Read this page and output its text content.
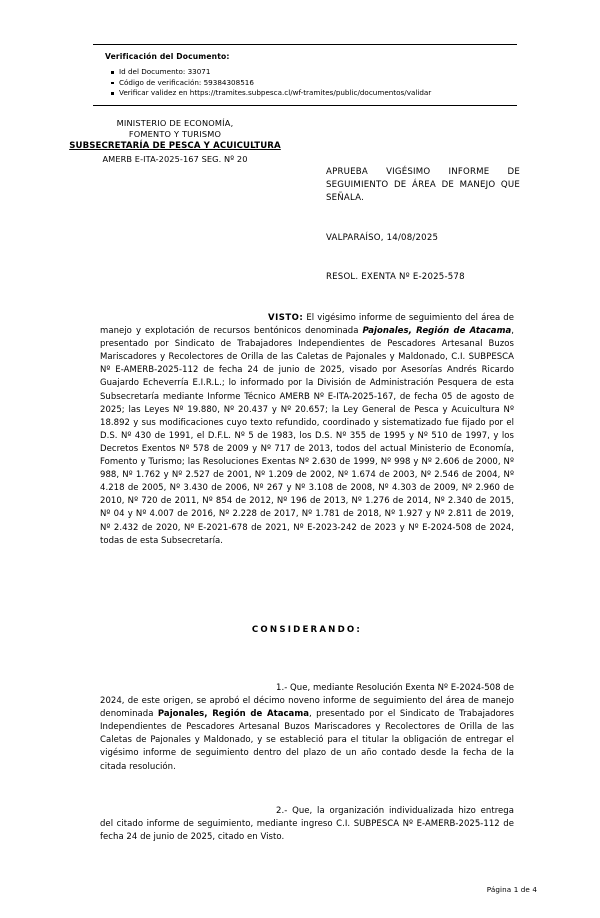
Verificación del Documento:
Id del Documento: 33071
Código de verificación: 59384308516
Verificar validez en https://tramites.subpesca.cl/wf-tramites/public/documentos/validar
MINISTERIO DE ECONOMÍA,
FOMENTO Y TURISMO
SUBSECRETARÍA DE PESCA Y ACUICULTURA
AMERB E-ITA-2025-167 SEG. Nº 20
APRUEBA VIGÉSIMO INFORME DE SEGUIMIENTO DE ÁREA DE MANEJO QUE SEÑALA.
VALPARAÍSO, 14/08/2025
RESOL. EXENTA Nº E-2025-578

VISTO: El vigésimo informe de seguimiento del área de manejo y explotación de recursos bentónicos denominada Pajonales, Región de Atacama, presentado por Sindicato de Trabajadores Independientes de Pescadores Artesanal Buzos Mariscadores y Recolectores de Orilla de las Caletas de Pajonales y Maldonado, C.I. SUBPESCA Nº E-AMERB-2025-112 de fecha 24 de junio de 2025, visado por Asesorías Andrés Ricardo Guajardo Echeverría E.I.R.L.; lo informado por la División de Administración Pesquera de esta Subsecretaría mediante Informe Técnico AMERB Nº E-ITA-2025-167, de fecha 05 de agosto de 2025; las Leyes Nº 19.880, Nº 20.437 y Nº 20.657; la Ley General de Pesca y Acuicultura Nº 18.892 y sus modificaciones cuyo texto refundido, coordinado y sistematizado fue fijado por el D.S. Nº 430 de 1991, el D.F.L. Nº 5 de 1983, los D.S. Nº 355 de 1995 y Nº 510 de 1997, y los Decretos Exentos Nº 578 de 2009 y Nº 717 de 2013, todos del actual Ministerio de Economía, Fomento y Turismo; las Resoluciones Exentas Nº 2.630 de 1999, Nº 998 y Nº 2.606 de 2000, Nº 988, Nº 1.762 y Nº 2.527 de 2001, Nº 1.209 de 2002, Nº 1.674 de 2003, Nº 2.546 de 2004, Nº 4.218 de 2005, Nº 3.430 de 2006, Nº 267 y Nº 3.108 de 2008, Nº 4.303 de 2009, Nº 2.960 de 2010, Nº 720 de 2011, Nº 854 de 2012, Nº 196 de 2013, Nº 1.276 de 2014, Nº 2.340 de 2015, Nº 04 y Nº 4.007 de 2016, Nº 2.228 de 2017, Nº 1.781 de 2018, Nº 1.927 y Nº 2.811 de 2019, Nº 2.432 de 2020, Nº E-2021-678 de 2021, Nº E-2023-242 de 2023 y Nº E-2024-508 de 2024, todas de esta Subsecretaría.

CONSIDERANDO:

1.- Que, mediante Resolución Exenta Nº E-2024-508 de 2024, de este origen, se aprobó el décimo noveno informe de seguimiento del área de manejo denominada Pajonales, Región de Atacama, presentado por el Sindicato de Trabajadores Independientes de Pescadores Artesanal Buzos Mariscadores y Recolectores de Orilla de las Caletas de Pajonales y Maldonado, y se estableció para el titular la obligación de entregar el vigésimo informe de seguimiento dentro del plazo de un año contado desde la fecha de la citada resolución.

2.- Que, la organización individualizada hizo entrega del citado informe de seguimiento, mediante ingreso C.I. SUBPESCA Nº E-AMERB-2025-112 de fecha 24 de junio de 2025, citado en Visto.

Página 1 de 4
